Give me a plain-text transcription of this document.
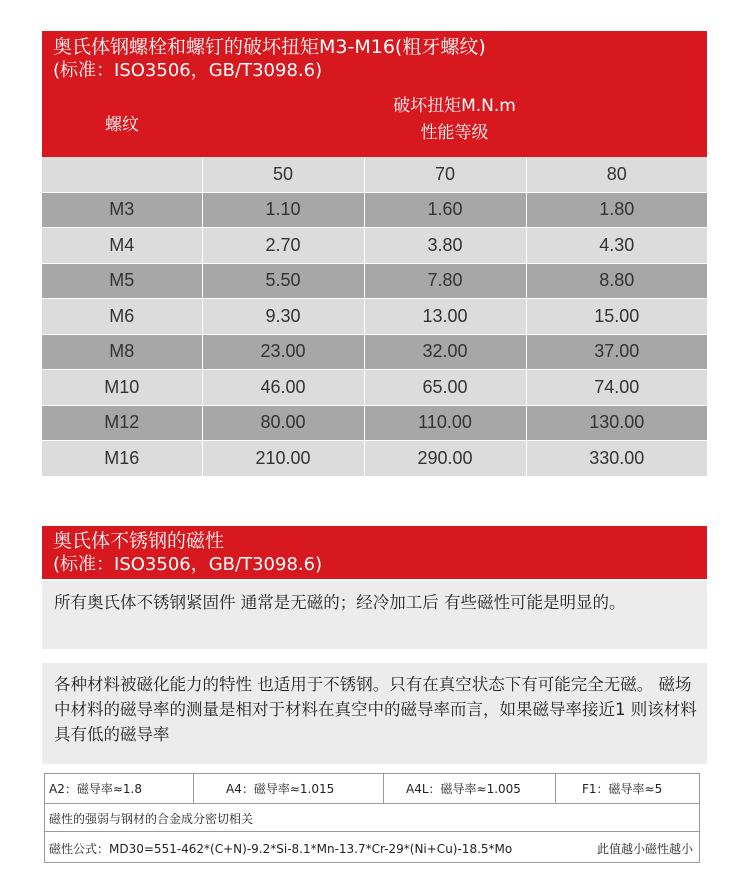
奥氏体钢螺栓和螺钉的破坏扭矩M3-M16(粗牙螺纹)
(标准：ISO3506，GB/T3098.6)
螺纹
破坏扭矩M.N.m
性能等级
	50	70	80
M3	1.10	1.60	1.80
M4	2.70	3.80	4.30
M5	5.50	7.80	8.80
M6	9.30	13.00	15.00
M8	23.00	32.00	37.00
M10	46.00	65.00	74.00
M12	80.00	110.00	130.00
M16	210.00	290.00	330.00
奥氏体不锈钢的磁性
(标准：ISO3506，GB/T3098.6)
所有奥氏体不锈钢紧固件 通常是无磁的；经冷加工后 有些磁性可能是明显的。
各种材料被磁化能力的特性 也适用于不锈钢。只有在真空状态下有可能完全无磁。 磁场中材料的磁导率的测量是相对于材料在真空中的磁导率而言，如果磁导率接近1 则该材料具有低的磁导率
A2：磁导率≈1.8	A4：磁导率≈1.015	A4L：磁导率≈1.005	F1：磁导率≈5
磁性的强弱与钢材的合金成分密切相关
磁性公式：MD30=551-462*(C+N)-9.2*Si-8.1*Mn-13.7*Cr-29*(Ni+Cu)-18.5*Mo	此值越小磁性越小
